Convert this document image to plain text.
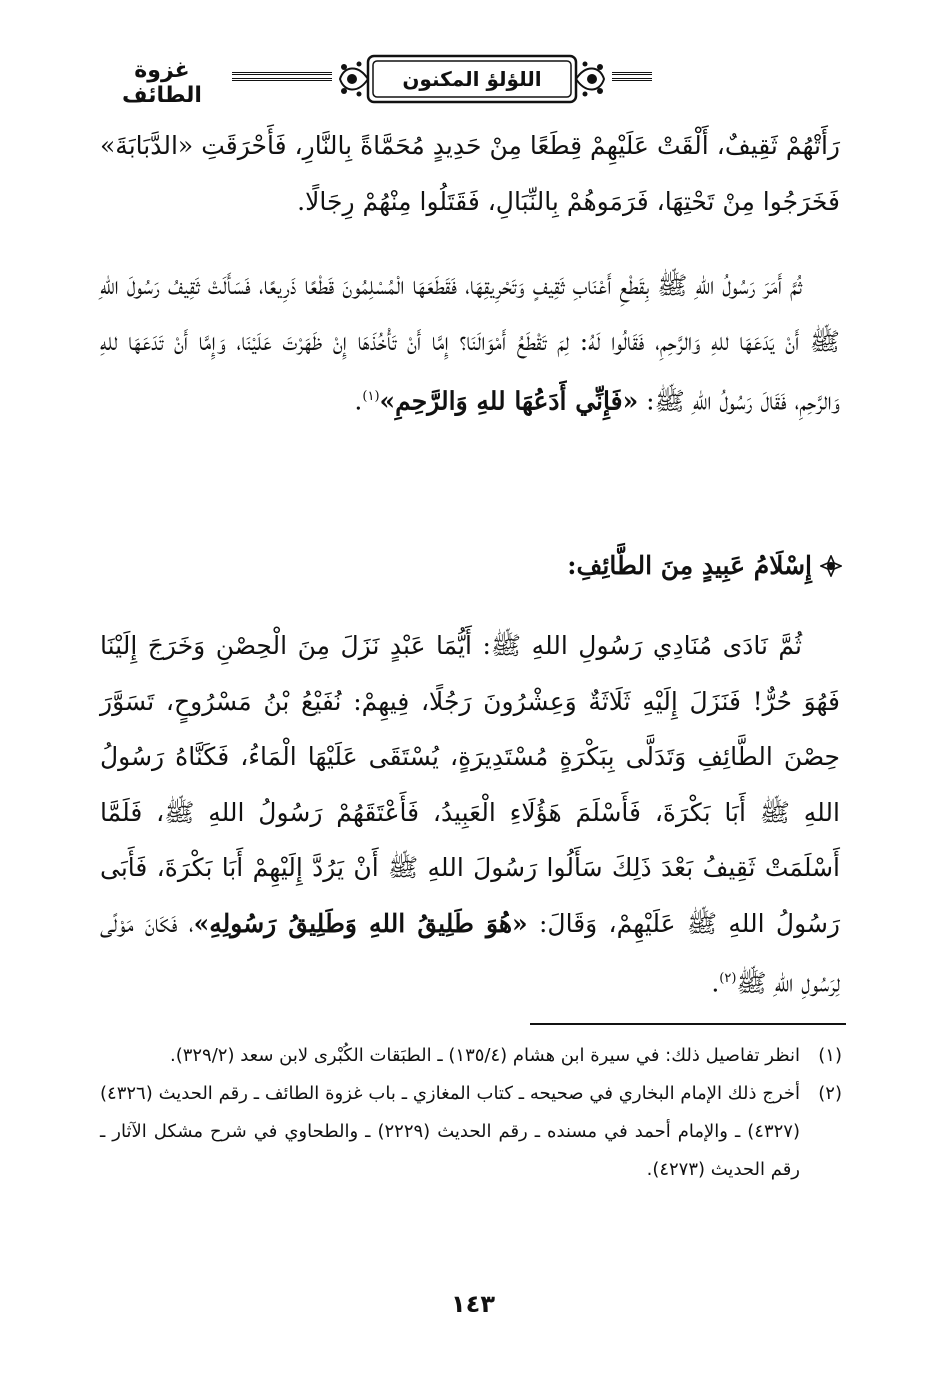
غزوة الطائف
اللؤلؤ المكنون
رَأَتْهُمْ ثَقِيفٌ، أَلْقَتْ عَلَيْهِمْ قِطَعًا مِنْ حَدِيدٍ مُحَمَّاةً بِالنَّارِ، فَأَحْرَقَتِ «الدَّبَابَةَ» فَخَرَجُوا مِنْ تَحْتِهَا، فَرَمَوهُمْ بِالنِّبَالِ، فَقَتَلُوا مِنْهُمْ رِجَالًا.
ثُمَّ أَمَرَ رَسُولُ اللهِ ﷺ بِقَطْعِ أَعْنَابِ ثَقِيفٍ وَتَحْرِيقِهَا، فَقَطَعَهَا الْمُسْلِمُونَ قَطْعًا ذَرِيعًا، فَسَأَلَتْ ثَقِيفُ رَسُولَ اللهِ ﷺ أَنْ يَدَعَهَا للهِ وَالرَّحِمِ، فَقَالُوا لَهُ: لِمَ تَقْطَعُ أَمْوَالَنَا؟ إِمَّا أَنْ تَأْخُذَهَا إِنْ ظَهَرْتَ عَلَيْنَا، وَإِمَّا أَنْ تَدَعَهَا للهِ وَالرَّحِمِ، فَقَالَ رَسُولُ اللهِ ﷺ: «فَإِنِّي أَدَعُهَا للهِ وَالرَّحِمِ»$^{(١)}$.
إِسْلَامُ عَبِيدٍ مِنَ الطَّائِفِ:
ثُمَّ نَادَى مُنَادِي رَسُولِ اللهِ ﷺ: أَيُّمَا عَبْدٍ نَزَلَ مِنَ الْحِصْنِ وَخَرَجَ إِلَيْنَا فَهُوَ حُرٌّ! فَنَزَلَ إِلَيْهِ ثَلَاثَةٌ وَعِشْرُونَ رَجُلًا، فِيهِمْ: نُفَيْعُ بْنُ مَسْرُوحٍ، تَسَوَّرَ حِصْنَ الطَّائِفِ وَتَدَلَّى بِبَكْرَةٍ مُسْتَدِيرَةٍ، يُسْتَقَى عَلَيْهَا الْمَاءُ، فَكَنَّاهُ رَسُولُ اللهِ ﷺ أَبَا بَكْرَةَ، فَأَسْلَمَ هَؤُلَاءِ الْعَبِيدُ، فَأَعْتَقَهُمْ رَسُولُ اللهِ ﷺ، فَلَمَّا أَسْلَمَتْ ثَقِيفُ بَعْدَ ذَلِكَ سَأَلُوا رَسُولَ اللهِ ﷺ أَنْ يَرُدَّ إِلَيْهِمْ أَبَا بَكْرَةَ، فَأَبَى رَسُولُ اللهِ ﷺ عَلَيْهِمْ، وَقَالَ: «هُوَ طَلِيقُ اللهِ وَطَلِيقُ رَسُولِهِ»، فَكَانَ مَوْلًى لِرَسُولِ اللهِ ﷺ$^{(٢)}$.
(١)
انظر تفاصيل ذلك: في سيرة ابن هشام (١٣٥/٤) ـ الطبَقات الكُبْرى لابن سعد (٣٢٩/٢).
(٢)
أخرج ذلك الإمام البخاري في صحيحه ـ كتاب المغازي ـ باب غزوة الطائف ـ رقم الحديث (٤٣٢٦) (٤٣٢٧) ـ والإمام أحمد في مسنده ـ رقم الحديث (٢٢٢٩) ـ والطحاوي في شرح مشكل الآثار ـ رقم الحديث (٤٢٧٣).
١٤٣
